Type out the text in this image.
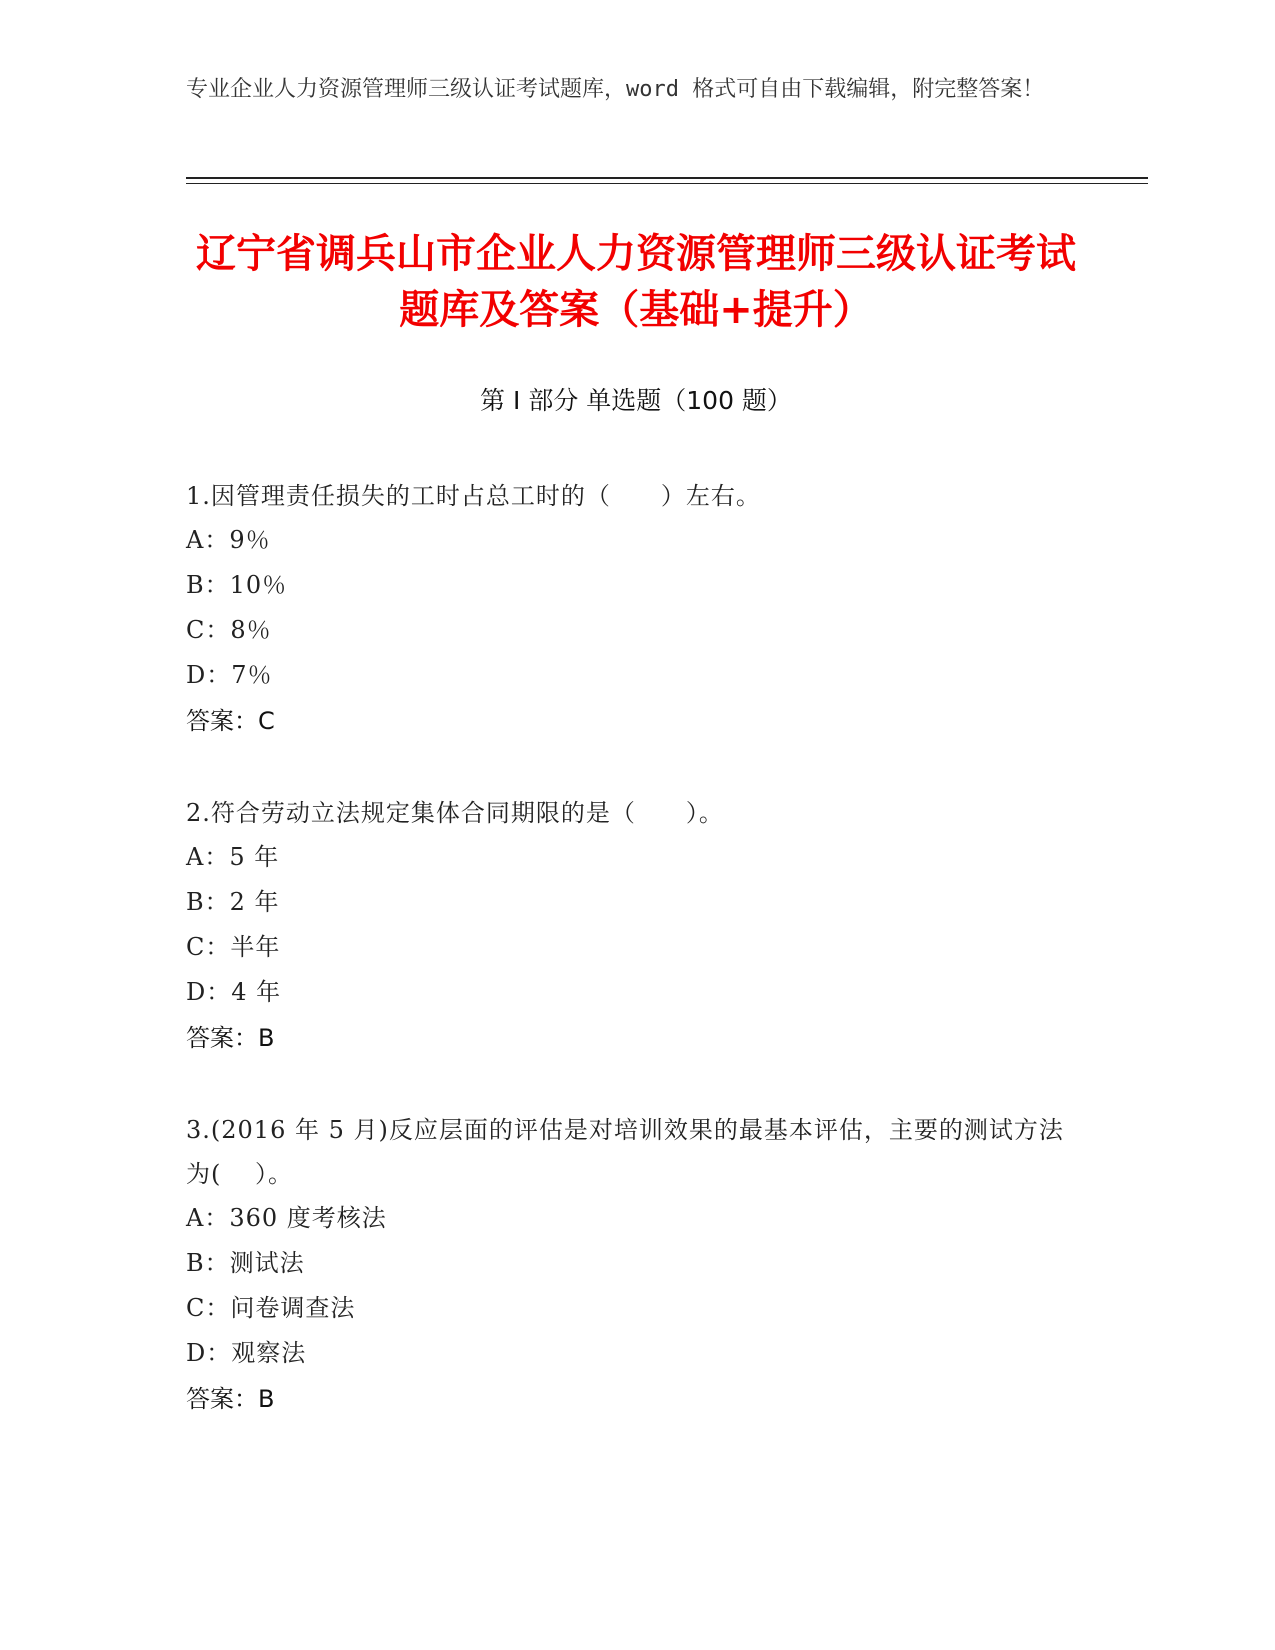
专业企业人力资源管理师三级认证考试题库，word 格式可自由下载编辑，附完整答案！
辽宁省调兵山市企业人力资源管理师三级认证考试题库及答案（基础+提升）
第 I 部分 单选题（100 题）
1.因管理责任损失的工时占总工时的（　　）左右。
A：9％
B：10％
C：8％
D：7％
答案：C
2.符合劳动立法规定集体合同期限的是（　　）。
A：5 年
B：2 年
C：半年
D：4 年
答案：B
3.(2016 年 5 月)反应层面的评估是对培训效果的最基本评估，主要的测试方法为(　 ）。
A：360 度考核法
B：测试法
C：问卷调查法
D：观察法
答案：B
